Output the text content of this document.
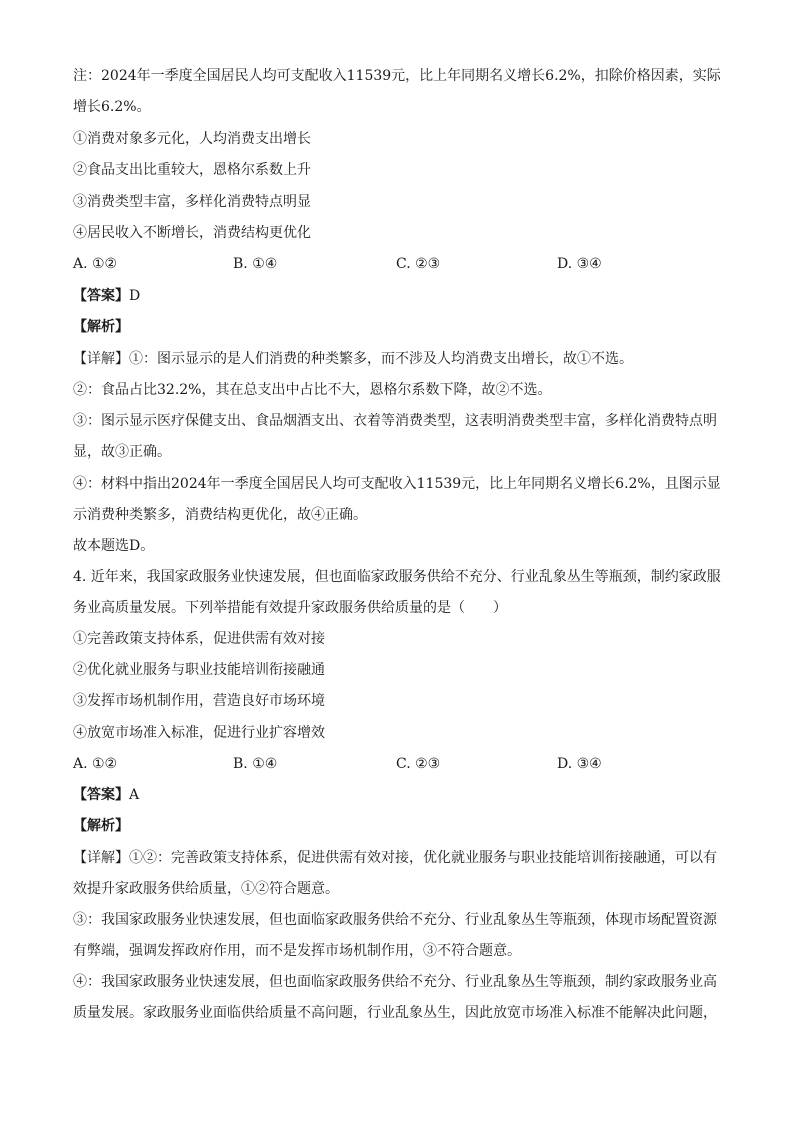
注：2024年一季度全国居民人均可支配收入11539元，比上年同期名义增长6.2%，扣除价格因素，实际
增长6.2%。
①消费对象多元化，人均消费支出增长
②食品支出比重较大，恩格尔系数上升
③消费类型丰富，多样化消费特点明显
④居民收入不断增长，消费结构更优化
A. ①②	B. ①④	C. ②③	D. ③④
【答案】D
【解析】
【详解】①：图示显示的是人们消费的种类繁多，而不涉及人均消费支出增长，故①不选。
②：食品占比32.2%，其在总支出中占比不大，恩格尔系数下降，故②不选。
③：图示显示医疗保健支出、食品烟酒支出、衣着等消费类型，这表明消费类型丰富，多样化消费特点明
显，故③正确。
④：材料中指出2024年一季度全国居民人均可支配收入11539元，比上年同期名义增长6.2%，且图示显
示消费种类繁多，消费结构更优化，故④正确。
故本题选D。
4. 近年来，我国家政服务业快速发展，但也面临家政服务供给不充分、行业乱象丛生等瓶颈，制约家政服
务业高质量发展。下列举措能有效提升家政服务供给质量的是（　　）
①完善政策支持体系，促进供需有效对接
②优化就业服务与职业技能培训衔接融通
③发挥市场机制作用，营造良好市场环境
④放宽市场准入标准，促进行业扩容增效
A. ①②	B. ①④	C. ②③	D. ③④
【答案】A
【解析】
【详解】①②：完善政策支持体系，促进供需有效对接，优化就业服务与职业技能培训衔接融通，可以有
效提升家政服务供给质量，①②符合题意。
③：我国家政服务业快速发展，但也面临家政服务供给不充分、行业乱象丛生等瓶颈，体现市场配置资源
有弊端，强调发挥政府作用，而不是发挥市场机制作用，③不符合题意。
④：我国家政服务业快速发展，但也面临家政服务供给不充分、行业乱象丛生等瓶颈，制约家政服务业高
质量发展。家政服务业面临供给质量不高问题，行业乱象丛生，因此放宽市场准入标准不能解决此问题，
